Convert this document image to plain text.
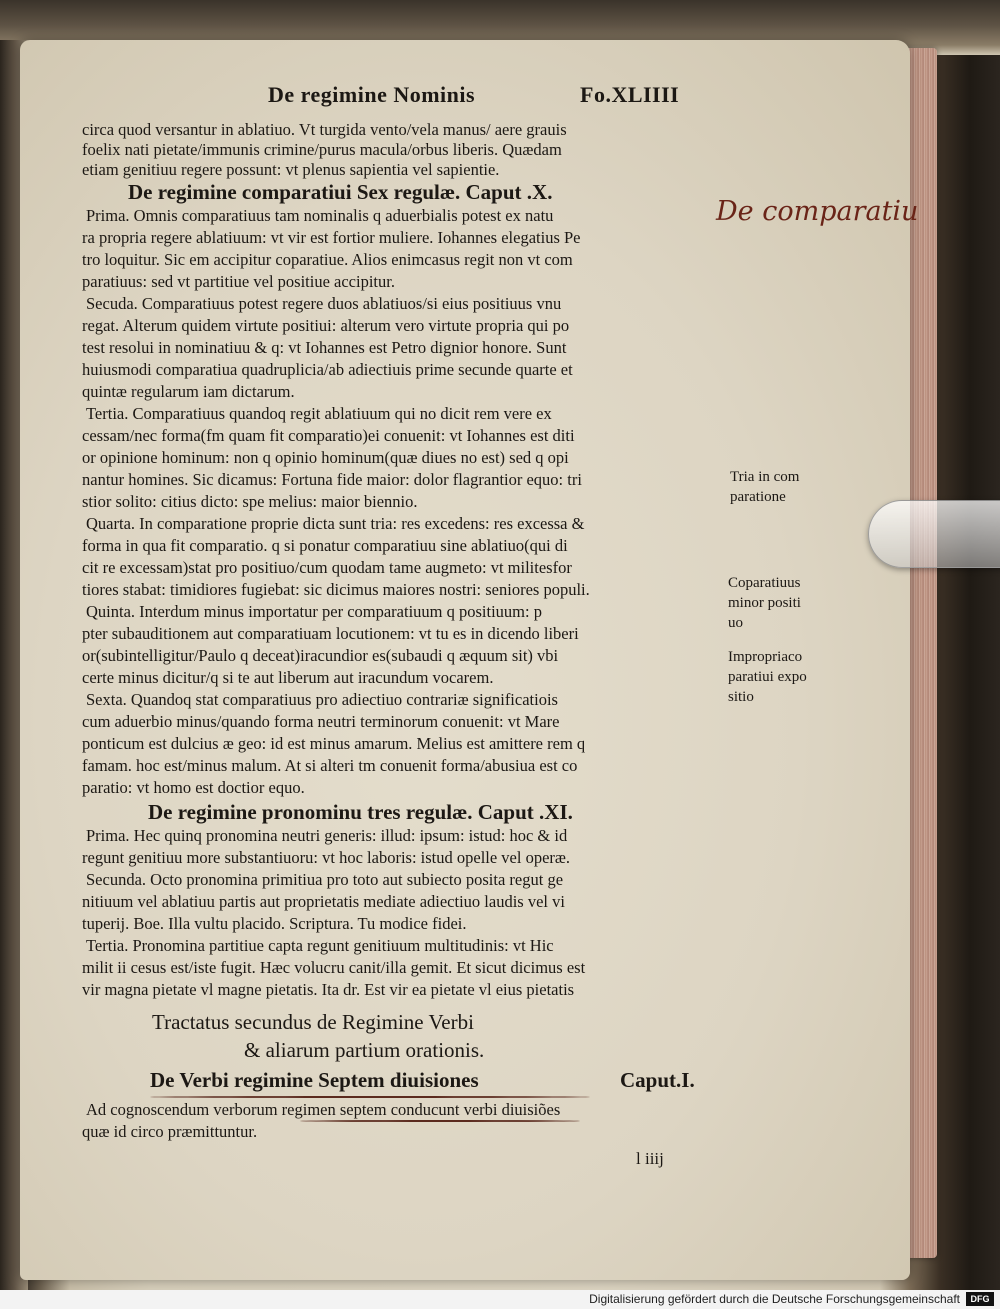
De regimine Nominis	Fo.XLIIII
circa quod versantur in ablatiuo. Vt turgida vento/vela manus/ aere grauis
foelix nati pietate/immunis crimine/purus macula/orbus liberis. Quædam
etiam genitiuu regere possunt: vt plenus sapientia vel sapientie.
De regimine comparatiui Sex regulæ. Caput .X.
Prima. Omnis comparatiuus tam nominalis q aduerbialis potest ex natu
ra propria regere ablatiuum: vt vir est fortior muliere. Iohannes elegatius Pe
tro loquitur. Sic em accipitur coparatiue. Alios enimcasus regit non vt com
paratiuus: sed vt partitiue vel positiue accipitur.
Secuda. Comparatiuus potest regere duos ablatiuos/si eius positiuus vnu
regat. Alterum quidem virtute positiui: alterum vero virtute propria qui po
test resolui in nominatiuu & q: vt Iohannes est Petro dignior honore. Sunt
huiusmodi comparatiua quadruplicia/ab adiectiuis prime secunde quarte et
quintæ regularum iam dictarum.
Tertia. Comparatiuus quandoq regit ablatiuum qui no dicit rem vere ex
cessam/nec forma(fm quam fit comparatio)ei conuenit: vt Iohannes est diti
or opinione hominum: non q opinio hominum(quæ diues no est) sed q opi
nantur homines. Sic dicamus: Fortuna fide maior: dolor flagrantior equo: tri
stior solito: citius dicto: spe melius: maior biennio.
Quarta. In comparatione proprie dicta sunt tria: res excedens: res excessa &
forma in qua fit comparatio. q si ponatur comparatiuu sine ablatiuo(qui di
cit re excessam)stat pro positiuo/cum quodam tame augmeto: vt militesfor
tiores stabat: timidiores fugiebat: sic dicimus maiores nostri: seniores populi.
Quinta. Interdum minus importatur per comparatiuum q positiuum: p
pter subauditionem aut comparatiuam locutionem: vt tu es in dicendo liberi
or(subintelligitur/Paulo q deceat)iracundior es(subaudi q æquum sit) vbi
certe minus dicitur/q si te aut liberum aut iracundum vocarem.
Sexta. Quandoq stat comparatiuus pro adiectiuo contrariæ significatiois
cum aduerbio minus/quando forma neutri terminorum conuenit: vt Mare
ponticum est dulcius æ geo: id est minus amarum. Melius est amittere rem q
famam. hoc est/minus malum. At si alteri tm conuenit forma/abusiua est co
paratio: vt homo est doctior equo.
De regimine pronominu tres regulæ. Caput .XI.
Prima. Hec quinq pronomina neutri generis: illud: ipsum: istud: hoc & id
regunt genitiuu more substantiuoru: vt hoc laboris: istud opelle vel operæ.
Secunda. Octo pronomina primitiua pro toto aut subiecto posita regut ge
nitiuum vel ablatiuu partis aut proprietatis mediate adiectiuo laudis vel vi
tuperij. Boe. Illa vultu placido. Scriptura. Tu modice fidei.
Tertia. Pronomina partitiue capta regunt genitiuum multitudinis: vt Hic
milit ii cesus est/iste fugit. Hæc volucru canit/illa gemit. Et sicut dicimus est
vir magna pietate vl magne pietatis. Ita dr. Est vir ea pietate vl eius pietatis
Tractatus secundus de Regimine Verbi
& aliarum partium orationis.
De Verbi regimine Septem diuisiones	Caput.I.
Ad cognoscendum verborum regimen septem conducunt verbi diuisiões
quæ id circo præmittuntur.
l iiij
De comparatiu
Tria in com
paratione
Coparatiuus
minor positi
uo
Impropriaco
paratiui expo
sitio
Digitalisierung gefördert durch die Deutsche Forschungsgemeinschaft	DFG
